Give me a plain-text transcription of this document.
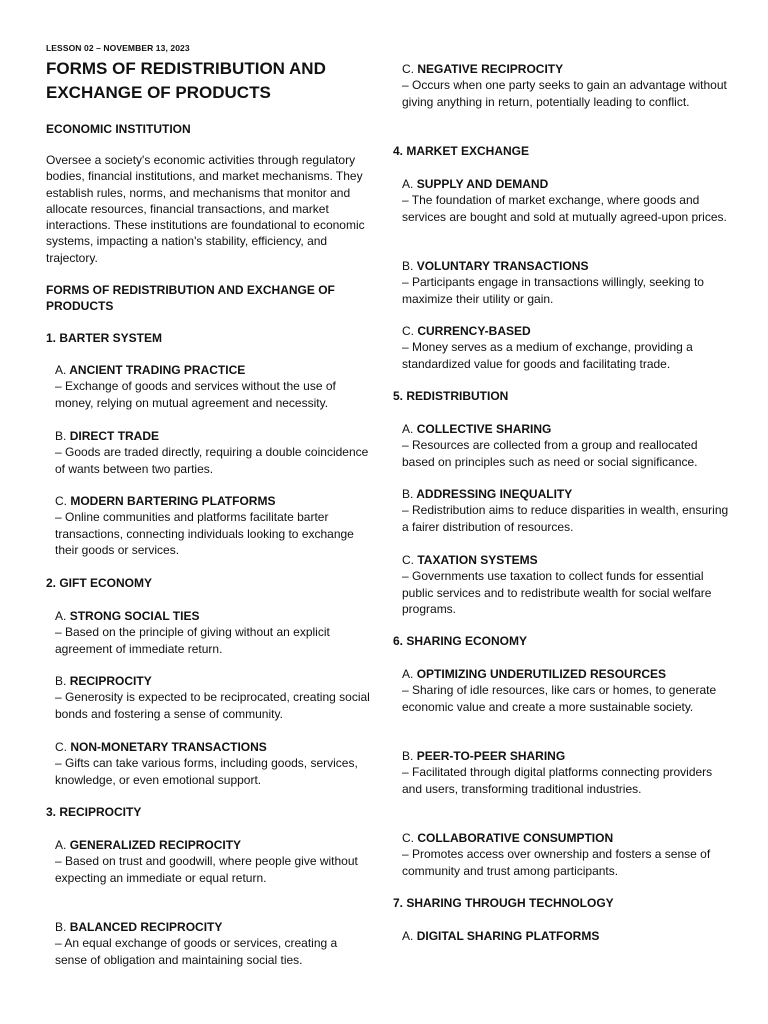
LESSON 02 – NOVEMBER 13, 2023
FORMS OF REDISTRIBUTION AND EXCHANGE OF PRODUCTS
ECONOMIC INSTITUTION
Oversee a society's economic activities through regulatory bodies, financial institutions, and market mechanisms. They establish rules, norms, and mechanisms that monitor and allocate resources, financial transactions, and market interactions. These institutions are foundational to economic systems, impacting a nation's stability, efficiency, and trajectory.
FORMS OF REDISTRIBUTION AND EXCHANGE OF PRODUCTS
1. BARTER SYSTEM
A. ANCIENT TRADING PRACTICE
– Exchange of goods and services without the use of money, relying on mutual agreement and necessity.
B. DIRECT TRADE
– Goods are traded directly, requiring a double coincidence of wants between two parties.
C. MODERN BARTERING PLATFORMS
– Online communities and platforms facilitate barter transactions, connecting individuals looking to exchange their goods or services.
2. GIFT ECONOMY
A. STRONG SOCIAL TIES
– Based on the principle of giving without an explicit agreement of immediate return.
B. RECIPROCITY
– Generosity is expected to be reciprocated, creating social bonds and fostering a sense of community.
C. NON-MONETARY TRANSACTIONS
– Gifts can take various forms, including goods, services, knowledge, or even emotional support.
3. RECIPROCITY
A. GENERALIZED RECIPROCITY
– Based on trust and goodwill, where people give without expecting an immediate or equal return.
B. BALANCED RECIPROCITY
– An equal exchange of goods or services, creating a sense of obligation and maintaining social ties.
C. NEGATIVE RECIPROCITY
– Occurs when one party seeks to gain an advantage without giving anything in return, potentially leading to conflict.
4. MARKET EXCHANGE
A. SUPPLY AND DEMAND
– The foundation of market exchange, where goods and services are bought and sold at mutually agreed-upon prices.
B. VOLUNTARY TRANSACTIONS
– Participants engage in transactions willingly, seeking to maximize their utility or gain.
C. CURRENCY-BASED
– Money serves as a medium of exchange, providing a standardized value for goods and facilitating trade.
5. REDISTRIBUTION
A. COLLECTIVE SHARING
– Resources are collected from a group and reallocated based on principles such as need or social significance.
B. ADDRESSING INEQUALITY
– Redistribution aims to reduce disparities in wealth, ensuring a fairer distribution of resources.
C. TAXATION SYSTEMS
– Governments use taxation to collect funds for essential public services and to redistribute wealth for social welfare programs.
6. SHARING ECONOMY
A. OPTIMIZING UNDERUTILIZED RESOURCES
– Sharing of idle resources, like cars or homes, to generate economic value and create a more sustainable society.
B. PEER-TO-PEER SHARING
– Facilitated through digital platforms connecting providers and users, transforming traditional industries.
C. COLLABORATIVE CONSUMPTION
– Promotes access over ownership and fosters a sense of community and trust among participants.
7. SHARING THROUGH TECHNOLOGY
A. DIGITAL SHARING PLATFORMS
